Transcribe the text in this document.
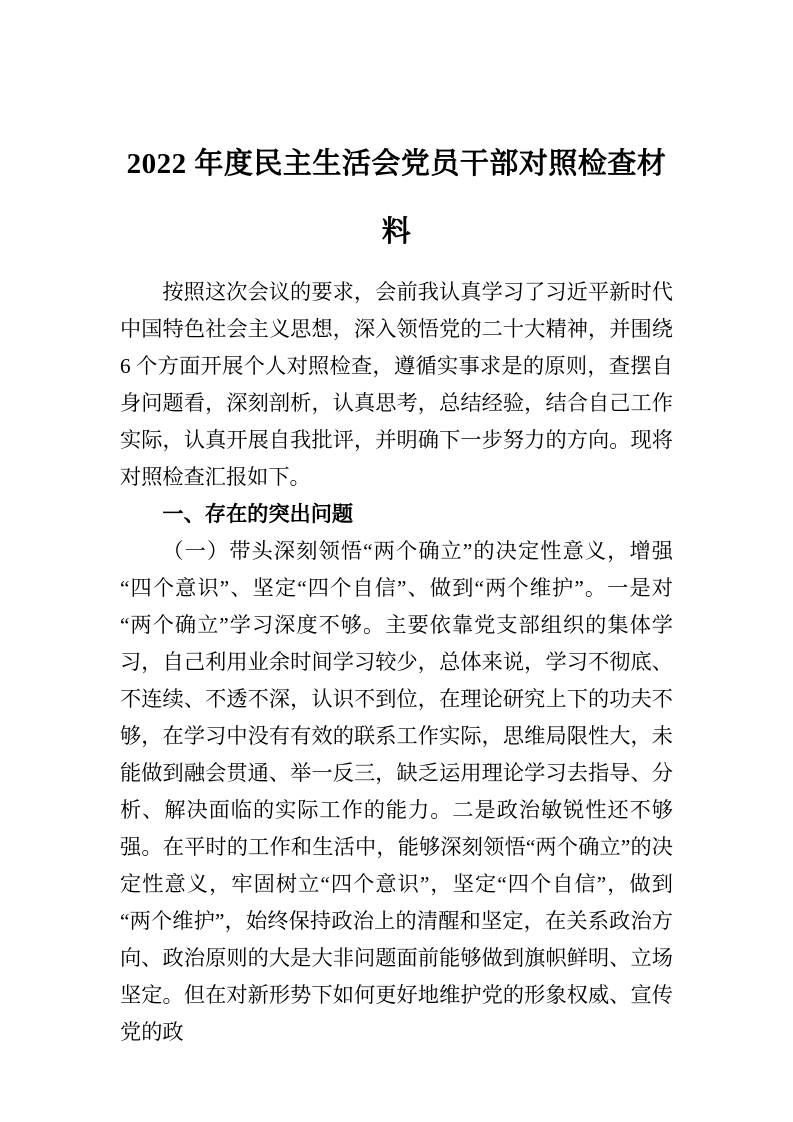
2022 年度民主生活会党员干部对照检查材料

按照这次会议的要求，会前我认真学习了习近平新时代中国特色社会主义思想，深入领悟党的二十大精神，并围绕6 个方面开展个人对照检查，遵循实事求是的原则，查摆自身问题看，深刻剖析，认真思考，总结经验，结合自己工作实际，认真开展自我批评，并明确下一步努力的方向。现将对照检查汇报如下。

一、存在的突出问题

（一）带头深刻领悟“两个确立”的决定性意义，增强“四个意识”、坚定“四个自信”、做到“两个维护”。一是对“两个确立”学习深度不够。主要依靠党支部组织的集体学习，自己利用业余时间学习较少，总体来说，学习不彻底、不连续、不透不深，认识不到位，在理论研究上下的功夫不够，在学习中没有有效的联系工作实际，思维局限性大，未能做到融会贯通、举一反三，缺乏运用理论学习去指导、分析、解决面临的实际工作的能力。二是政治敏锐性还不够强。在平时的工作和生活中，能够深刻领悟“两个确立”的决定性意义，牢固树立“四个意识”，坚定“四个自信”，做到“两个维护”，始终保持政治上的清醒和坚定，在关系政治方向、政治原则的大是大非问题面前能够做到旗帜鲜明、立场坚定。但在对新形势下如何更好地维护党的形象权威、宣传党的政
